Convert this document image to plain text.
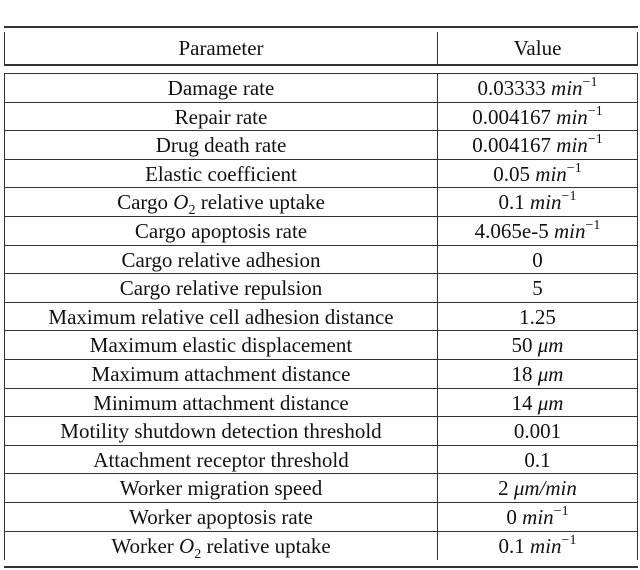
Parameter	Value
Damage rate	0.03333 $\min^{-1}$
Repair rate	0.004167 $\min^{-1}$
Drug death rate	0.004167 $\min^{-1}$
Elastic coefficient	0.05 $\min^{-1}$
Cargo $O_2$ relative uptake	0.1 $\min^{-1}$
Cargo apoptosis rate	4.065e-5 $\min^{-1}$
Cargo relative adhesion	0
Cargo relative repulsion	5
Maximum relative cell adhesion distance	1.25
Maximum elastic displacement	50 μm
Maximum attachment distance	18 μm
Minimum attachment distance	14 μm
Motility shutdown detection threshold	0.001
Attachment receptor threshold	0.1
Worker migration speed	2 μm/min
Worker apoptosis rate	0 $\min^{-1}$
Worker $O_2$ relative uptake	0.1 $\min^{-1}$
